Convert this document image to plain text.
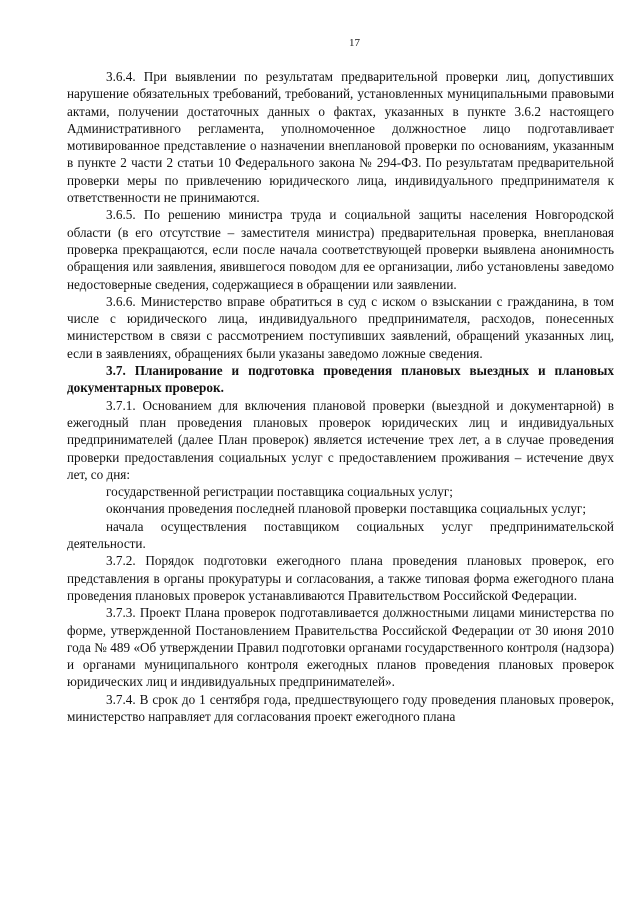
17

3.6.4. При выявлении по результатам предварительной проверки лиц, допустивших нарушение обязательных требований, требований, установленных муниципальными правовыми актами, получении достаточных данных о фактах, указанных в пункте 3.6.2 настоящего Административного регламента, уполномоченное должностное лицо подготавливает мотивированное представление о назначении внеплановой проверки по основаниям, указанным в пункте 2 части 2 статьи 10 Федерального закона № 294-ФЗ. По результатам предварительной проверки меры по привлечению юридического лица, индивидуального предпринимателя к ответственности не принимаются.

3.6.5. По решению министра труда и социальной защиты населения Новгородской области (в его отсутствие – заместителя министра) предварительная проверка, внеплановая проверка прекращаются, если после начала соответствующей проверки выявлена анонимность обращения или заявления, явившегося поводом для ее организации, либо установлены заведомо недостоверные сведения, содержащиеся в обращении или заявлении.

3.6.6. Министерство вправе обратиться в суд с иском о взыскании с гражданина, в том числе с юридического лица, индивидуального предпринимателя, расходов, понесенных министерством в связи с рассмотрением поступивших заявлений, обращений указанных лиц, если в заявлениях, обращениях были указаны заведомо ложные сведения.

3.7. Планирование и подготовка проведения плановых выездных и плановых документарных проверок.

3.7.1. Основанием для включения плановой проверки (выездной и документарной) в ежегодный план проведения плановых проверок юридических лиц и индивидуальных предпринимателей (далее План проверок) является истечение трех лет, а в случае проведения проверки предоставления социальных услуг с предоставлением проживания – истечение двух лет, со дня:

государственной регистрации поставщика социальных услуг;

окончания проведения последней плановой проверки поставщика социальных услуг;

начала осуществления поставщиком социальных услуг предпринимательской деятельности.

3.7.2. Порядок подготовки ежегодного плана проведения плановых проверок, его представления в органы прокуратуры и согласования, а также типовая форма ежегодного плана проведения плановых проверок устанавливаются Правительством Российской Федерации.

3.7.3. Проект Плана проверок подготавливается должностными лицами министерства по форме, утвержденной Постановлением Правительства Российской Федерации от 30 июня 2010 года № 489 «Об утверждении Правил подготовки органами государственного контроля (надзора) и органами муниципального контроля ежегодных планов проведения плановых проверок юридических лиц и индивидуальных предпринимателей».

3.7.4. В срок до 1 сентября года, предшествующего году проведения плановых проверок, министерство направляет для согласования проект ежегодного плана
